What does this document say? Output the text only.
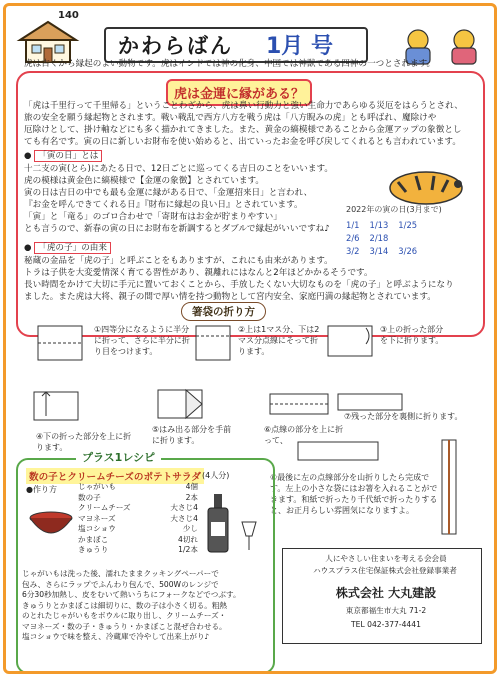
140
かわらばん 1月 号
虎は古くから縁起のよい動物です。虎はインドでは神の化身、中国では神獣である四神の一つとされます。
虎は金運に縁がある？
「虎は千里行って千里帰る」ということわざから、虎は鼻い行動力と強い生命力であらゆる災厄をはらうとされ、
旅の安全を願う縁起物とされます。戦い戦乱で西方八方を戦う虎は「八方睨みの虎」とも呼ばれ、魔除けや
厄除けとして、掛け軸などにも多く描かれてきました。また、黄金の縞模様であることから金運アップの象徴とし
ても有名です。寅の日に新しいお財布を使い始めると、出ていったお金を呼び戻してくれるとも言われています。
● 「寅の日」とは
十二支の寅(とら)にあたる日で、12日ごとに巡ってくる吉日のことをいいます。
虎の模様は黄金色に縞模様で【金運の象徴】とされています。
寅の日は吉日の中でも最も金運に縁がある日で、「金運招来日」と言われ、
『お金を呼んできてくれる日』『財布に縁起の良い日』とされています。
「寅」と「竜る」のゴロ合わせで「寄財布はお金が貯まりやすい」
とも言うので、新春の寅の日にお財布を新調するとダブルで縁起がいいですね♪
2022年の寅の日(3月まで)
1/1 1/13 1/25
2/6 2/18
3/2 3/14 3/26
● 「虎の子」の由来
秘蔵の金品を「虎の子」と呼ぶことをもありますが、これにも由来があります。
トラは子供を大変愛情深く育てる習性があり、親離れにはなんと2年ほどかかるそうです。
長い時間をかけて大切に手元に置いておくことから、手放したくない大切なものを「虎の子」と呼ぶようになり
ました。また虎は大将、親子の間で厚い情を持つ動物として宮内安全、家庭円満の縁起物とされています。
箸袋の折り方
①四等分になるように半分に折って、さらに半分に折り目をつけます。
②上は1マス分、下は2マス分点線にそって折ります。
③上の折った部分を下に折ります。
④下の折った部分を上に折ります。
⑤はみ出る部分を手前に折ります。
⑥点線の部分を上に折って、
⑦残った部分を裏側に折ります。
⑧最後に左の点線部分を山折りしたら完成です。左上の小さな袋にはお箸を入れることができます。和紙で折ったり千代紙で折ったりすると、お正月らしい雰囲気になりますよ。
プラス1レシピ
数の子とクリームチーズのポテトサラダ (4人分)
●作り方	じゃがいも	4個
数の子	2本
クリームチーズ	大さじ4
マヨネーズ	大さじ4
塩コショウ	少し
かまぼこ	4切れ
きゅうり	1/2本
じゃがいもは洗った後、濡れたままクッキングペーパーで
包み、さらにラップでふんわり包んで、500Wのレンジで
6分30秒加熱し、皮をむいて熱いうちにフォークなどでつぶす。
きゅうりとかまぼこは細切りに、数の子は小さく切る。粗熱
のとれたじゃがいもをボウルに取り出し、クリームチーズ・
マヨネーズ・数の子・きゅうり・かまぼこと混ぜ合わせる。
塩コショウで味を整え、冷蔵庫で冷やして出来上がり♪
人にやさしい住まいを考える会会員
ハウスプラス住宅保証株式会社登録事業者
株式会社 大丸建設
東京都福生市大丸 71-2
TEL 042-377-4441
